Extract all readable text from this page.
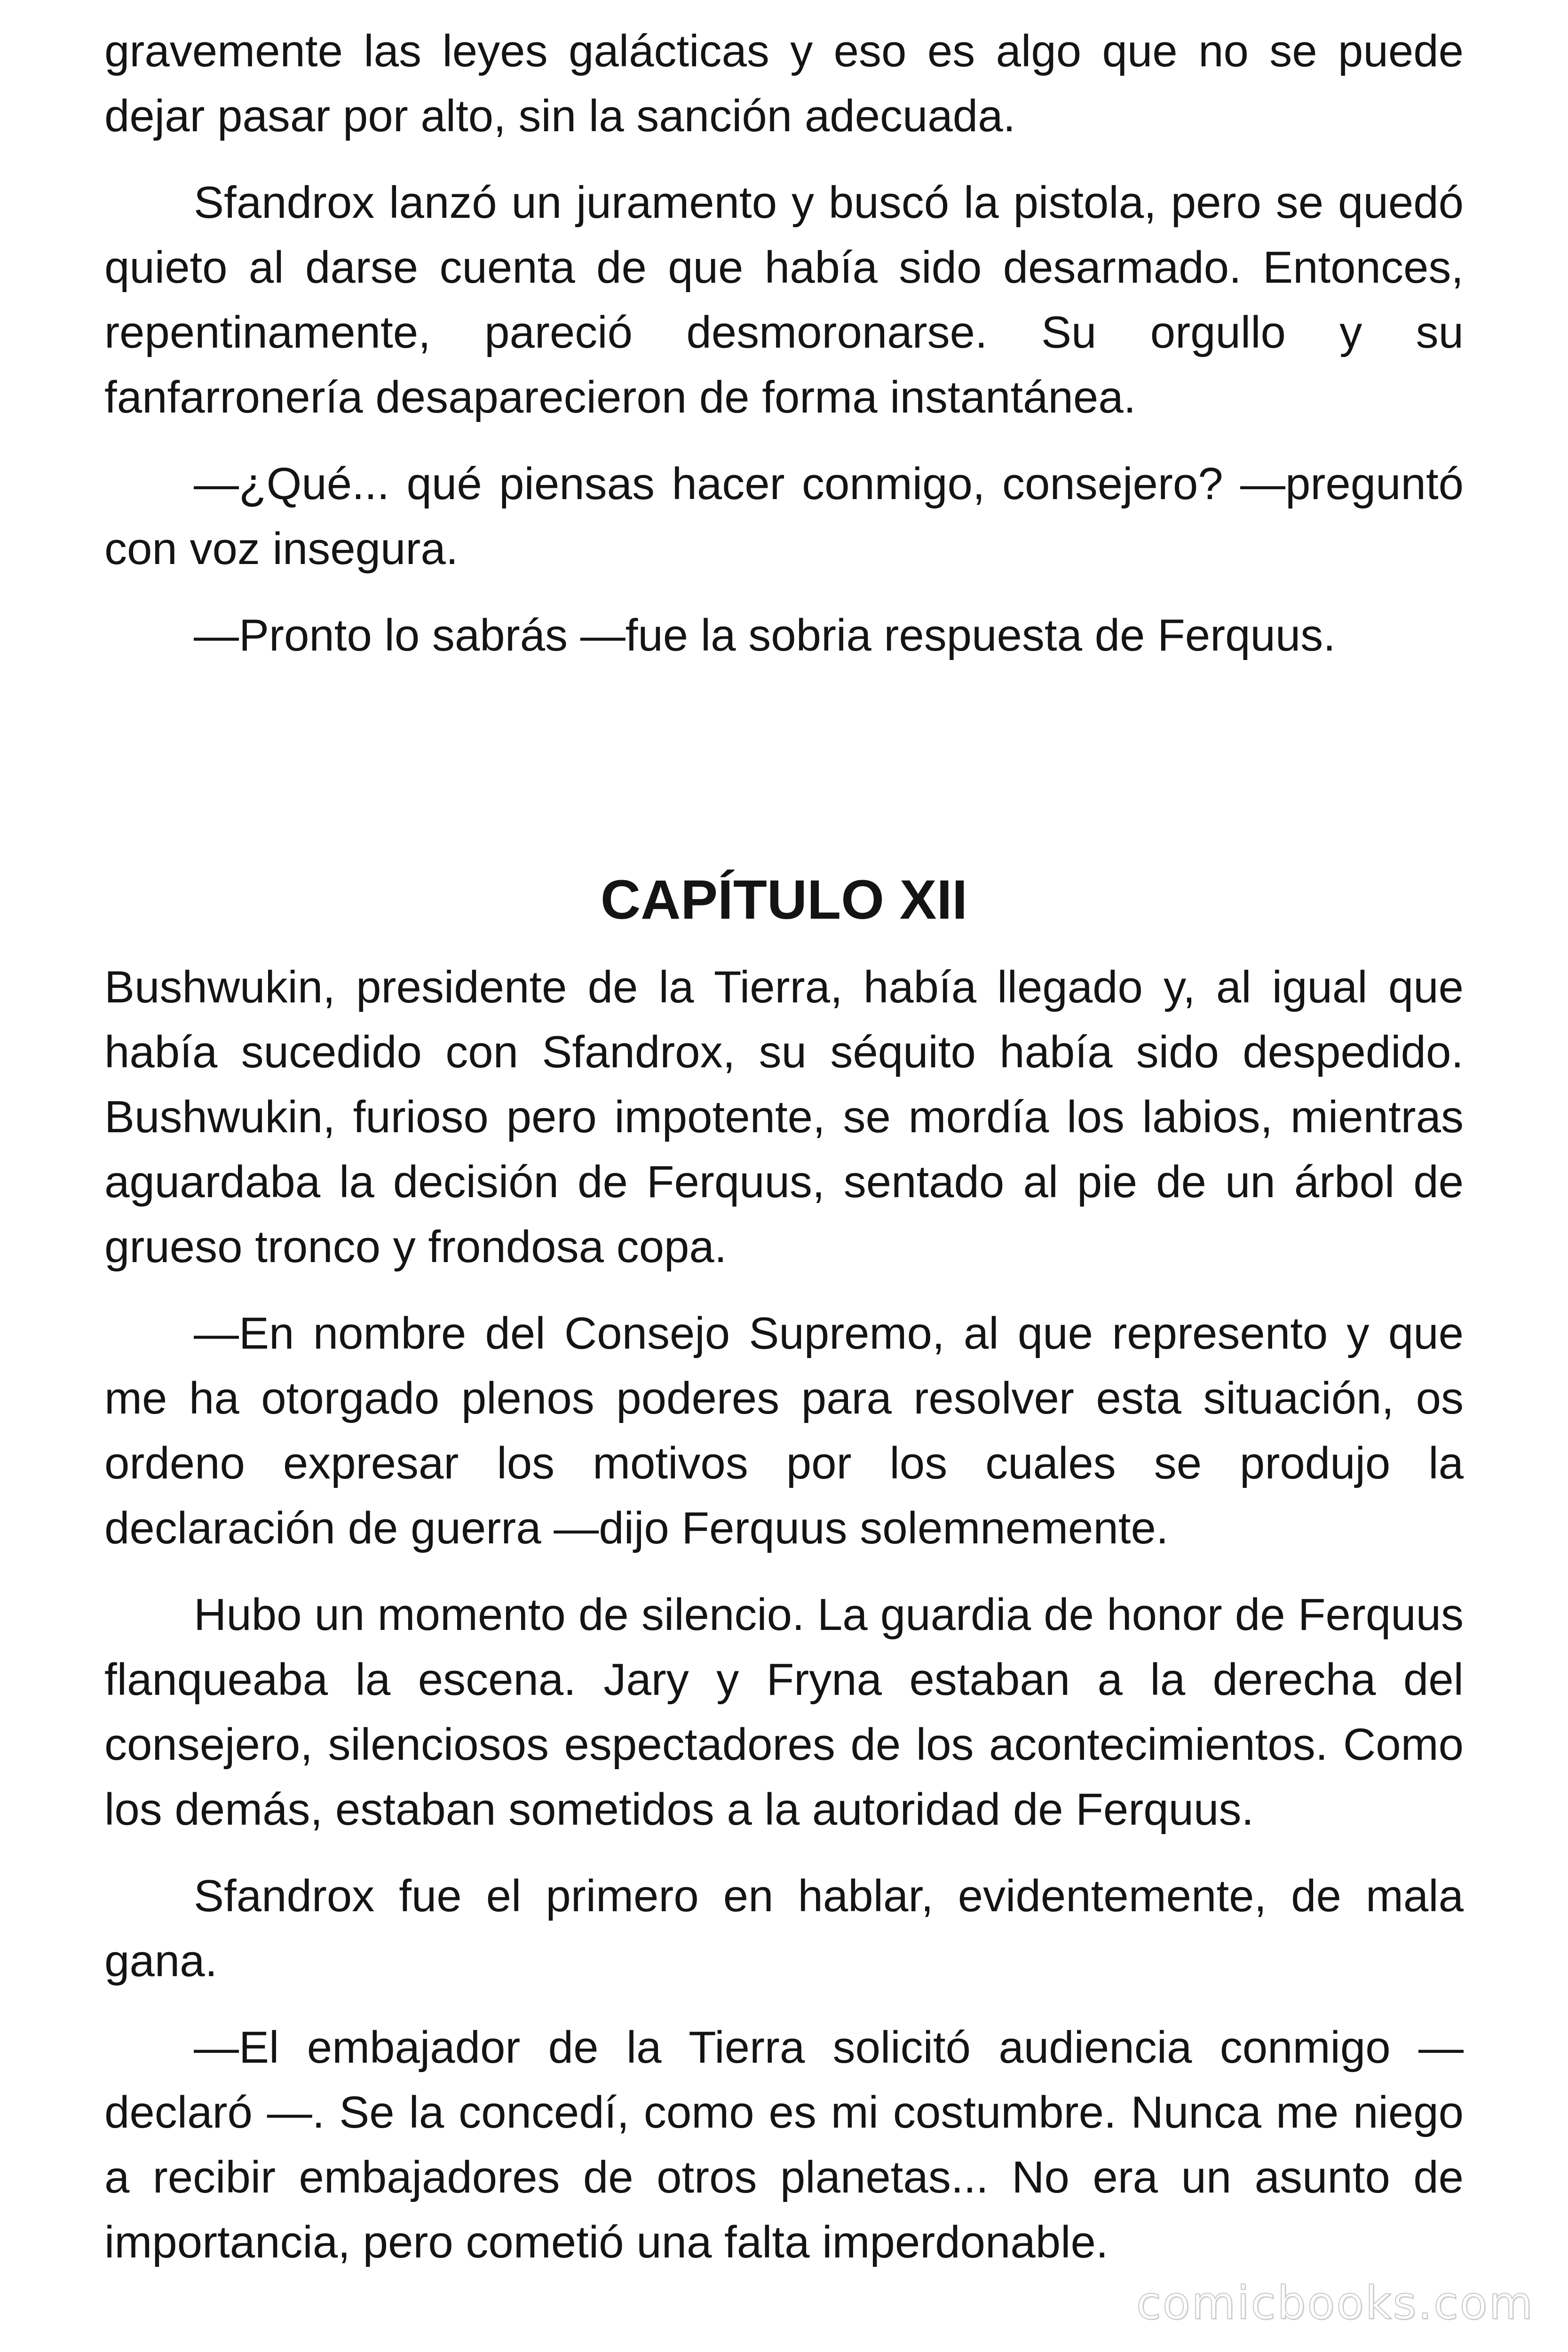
gravemente las leyes galácticas y eso es algo que no se puede dejar pasar por alto, sin la sanción adecuada.

Sfandrox lanzó un juramento y buscó la pistola, pero se quedó quieto al darse cuenta de que había sido desarmado. Entonces, repentinamente, pareció desmoronarse. Su orgullo y su fanfarronería desaparecieron de forma instantánea.

—¿Qué... qué piensas hacer conmigo, consejero? —preguntó con voz insegura.

—Pronto lo sabrás —fue la sobria respuesta de Ferquus.

CAPÍTULO XII

Bushwukin, presidente de la Tierra, había llegado y, al igual que había sucedido con Sfandrox, su séquito había sido despedido. Bushwukin, furioso pero impotente, se mordía los labios, mientras aguardaba la decisión de Ferquus, sentado al pie de un árbol de grueso tronco y frondosa copa.

—En nombre del Consejo Supremo, al que represento y que me ha otorgado plenos poderes para resolver esta situación, os ordeno expresar los motivos por los cuales se produjo la declaración de guerra —dijo Ferquus solemnemente.

Hubo un momento de silencio. La guardia de honor de Ferquus flanqueaba la escena. Jary y Fryna estaban a la derecha del consejero, silenciosos espectadores de los acontecimientos. Como los demás, estaban sometidos a la autoridad de Ferquus.

Sfandrox fue el primero en hablar, evidentemente, de mala gana.

—El embajador de la Tierra solicitó audiencia conmigo —declaró —. Se la concedí, como es mi costumbre. Nunca me niego a recibir embajadores de otros planetas... No era un asunto de importancia, pero cometió una falta imperdonable.

comicbooks.com
